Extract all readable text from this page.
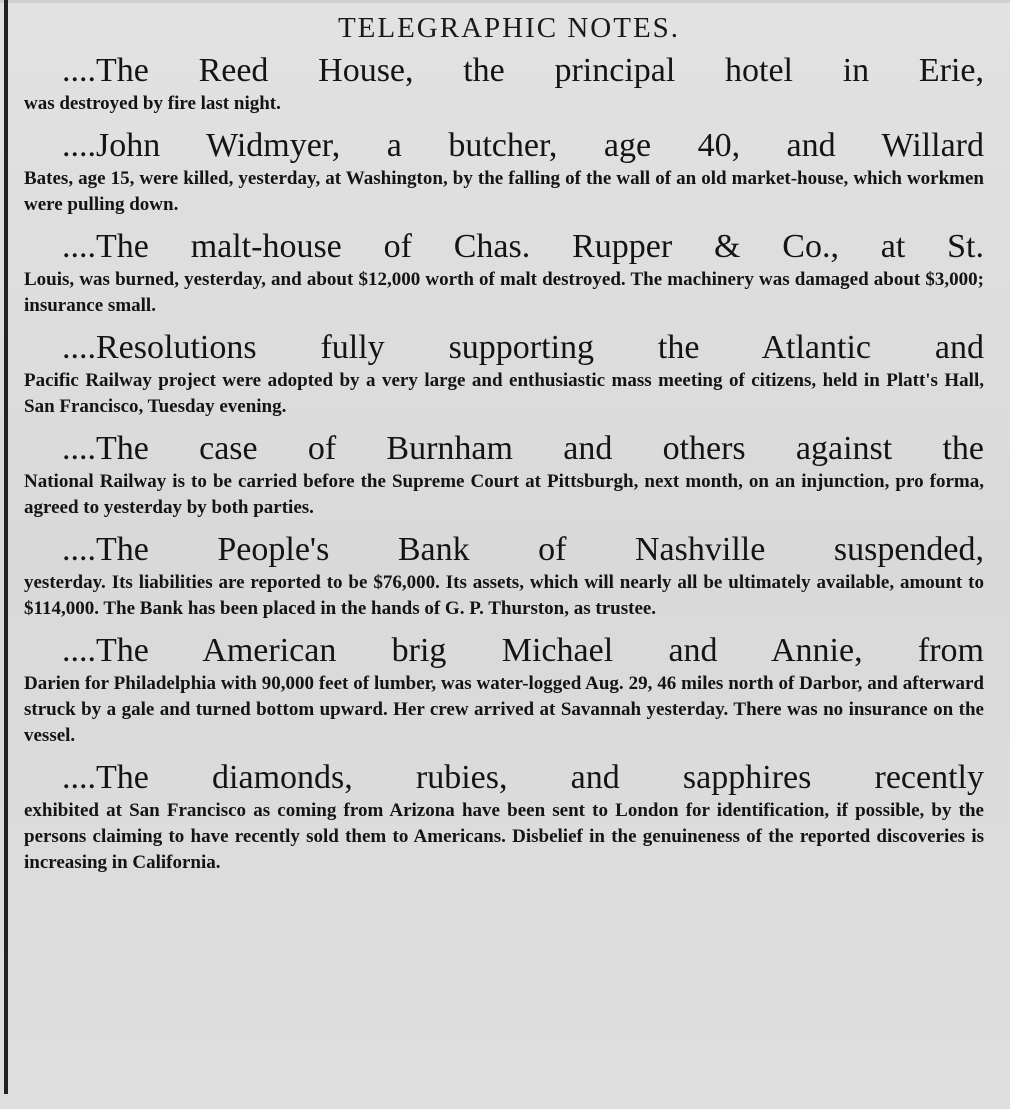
TELEGRAPHIC NOTES.
....The Reed House, the principal hotel in Erie,

was destroyed by fire last night.

....John Widmyer, a butcher, age 40, and Willard

Bates, age 15, were killed, yesterday, at Washington, by the falling of the wall of an old market-house, which workmen were pulling down.

....The malt-house of Chas. Rupper & Co., at St.

Louis, was burned, yesterday, and about $12,000 worth of malt destroyed. The machinery was damaged about $3,000; insurance small.

....Resolutions fully supporting the Atlantic and

Pacific Railway project were adopted by a very large and enthusiastic mass meeting of citizens, held in Platt's Hall, San Francisco, Tuesday evening.

....The case of Burnham and others against the

National Railway is to be carried before the Supreme Court at Pittsburgh, next month, on an injunction, pro forma, agreed to yesterday by both parties.

....The People's Bank of Nashville suspended,

yesterday. Its liabilities are reported to be $76,000. Its assets, which will nearly all be ultimately available, amount to $114,000. The Bank has been placed in the hands of G. P. Thurston, as trustee.

....The American brig Michael and Annie, from

Darien for Philadelphia with 90,000 feet of lumber, was water-logged Aug. 29, 46 miles north of Darbor, and afterward struck by a gale and turned bottom upward. Her crew arrived at Savannah yesterday. There was no insurance on the vessel.

....The diamonds, rubies, and sapphires recently

exhibited at San Francisco as coming from Arizona have been sent to London for identification, if possible, by the persons claiming to have recently sold them to Americans. Disbelief in the genuineness of the reported discoveries is increasing in California.
